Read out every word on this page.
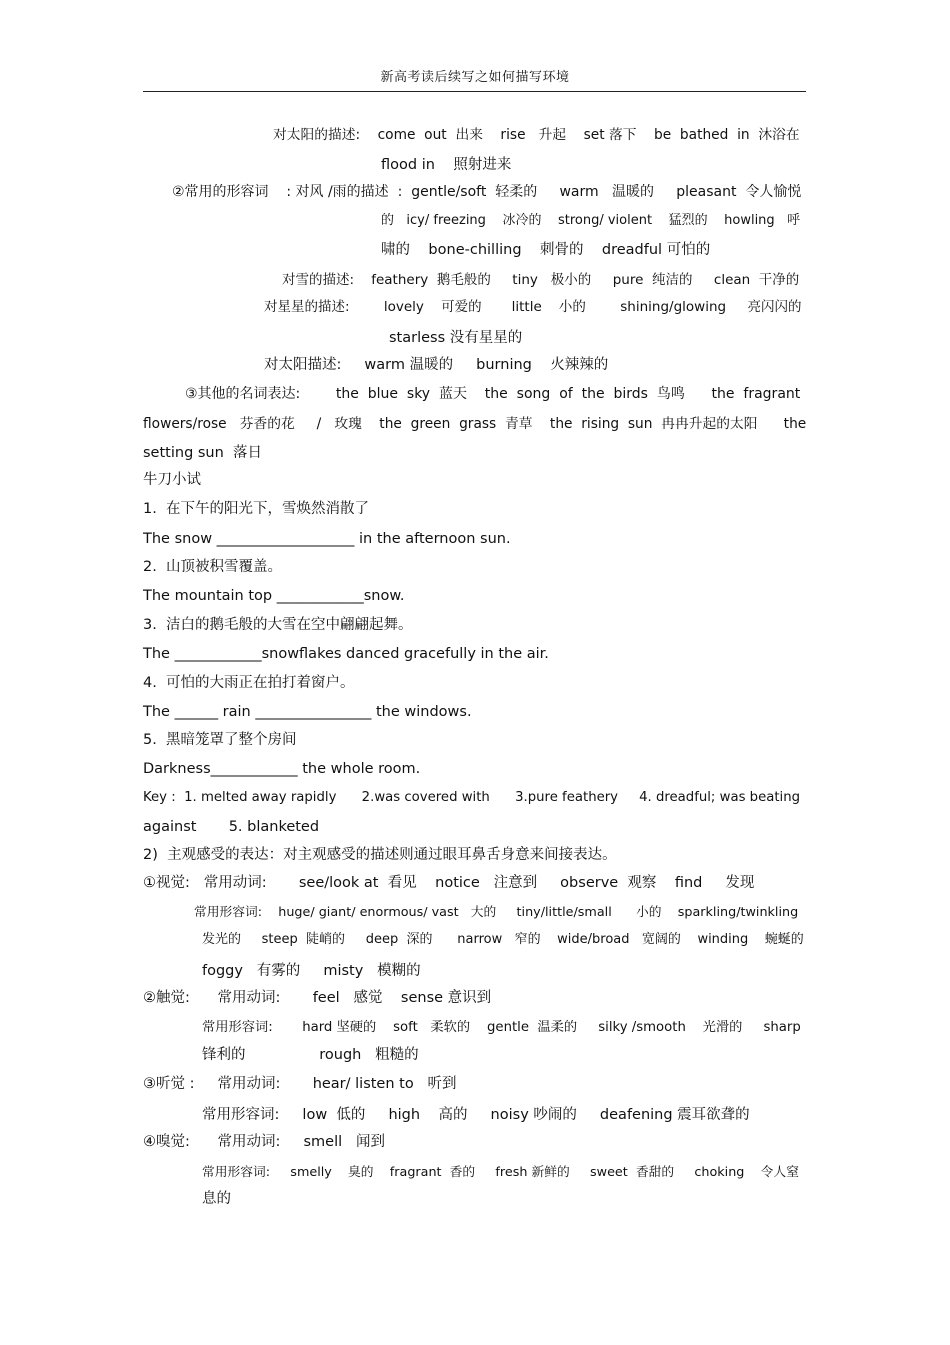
新高考读后续写之如何描写环境
对太阳的描述:    come  out  出来    rise   升起    set 落下    be  bathed  in  沐浴在
flood in    照射进来
②常用的形容词    : 对风 /雨的描述  :  gentle/soft  轻柔的     warm   温暖的     pleasant  令人愉悦
的   icy/ freezing    冰冷的    strong/ violent    猛烈的    howling   呼
啸的    bone-chilling    刺骨的    dreadful 可怕的
对雪的描述:    feathery  鹅毛般的     tiny   极小的     pure  纯洁的     clean  干净的
对星星的描述:        lovely    可爱的       little    小的        shining/glowing     亮闪闪的
starless 没有星星的
对太阳描述:     warm 温暖的     burning    火辣辣的
③其他的名词表达:        the  blue  sky  蓝天    the  song  of  the  birds  鸟鸣      the  fragrant
flowers/rose   芬香的花     /   玫瑰    the  green  grass  青草    the  rising  sun  冉冉升起的太阳      the
setting sun  落日
牛刀小试
1.  在下午的阳光下，雪焕然消散了
The snow ___________________ in the afternoon sun.
2.  山顶被积雪覆盖。
The mountain top ____________snow.
3.  洁白的鹅毛般的大雪在空中翩翩起舞。
The ____________snowflakes danced gracefully in the air.
4.  可怕的大雨正在拍打着窗户。
The ______ rain ________________ the windows.
5.  黑暗笼罩了整个房间
Darkness____________ the whole room.
Key :  1. melted away rapidly      2.was covered with      3.pure feathery     4. dreadful; was beating
against       5. blanketed
2)  主观感受的表达：对主观感受的描述则通过眼耳鼻舌身意来间接表达。
①视觉:   常用动词:       see/look at  看见    notice   注意到     observe  观察    find     发现
常用形容词:    huge/ giant/ enormous/ vast   大的     tiny/little/small      小的    sparkling/twinkling
发光的     steep  陡峭的     deep  深的      narrow   窄的    wide/broad   宽阔的    winding    蜿蜒的
foggy   有雾的     misty   模糊的
②触觉:      常用动词:       feel   感觉    sense 意识到
常用形容词:       hard 坚硬的    soft   柔软的    gentle  温柔的     silky /smooth    光滑的     sharp
锋利的                rough   粗糙的
③听觉 :     常用动词:       hear/ listen to   听到
常用形容词:     low  低的     high    高的     noisy 吵闹的     deafening 震耳欲聋的
④嗅觉:      常用动词:     smell   闻到
常用形容词:     smelly    臭的    fragrant  香的     fresh 新鲜的     sweet  香甜的     choking    令人窒
息的
